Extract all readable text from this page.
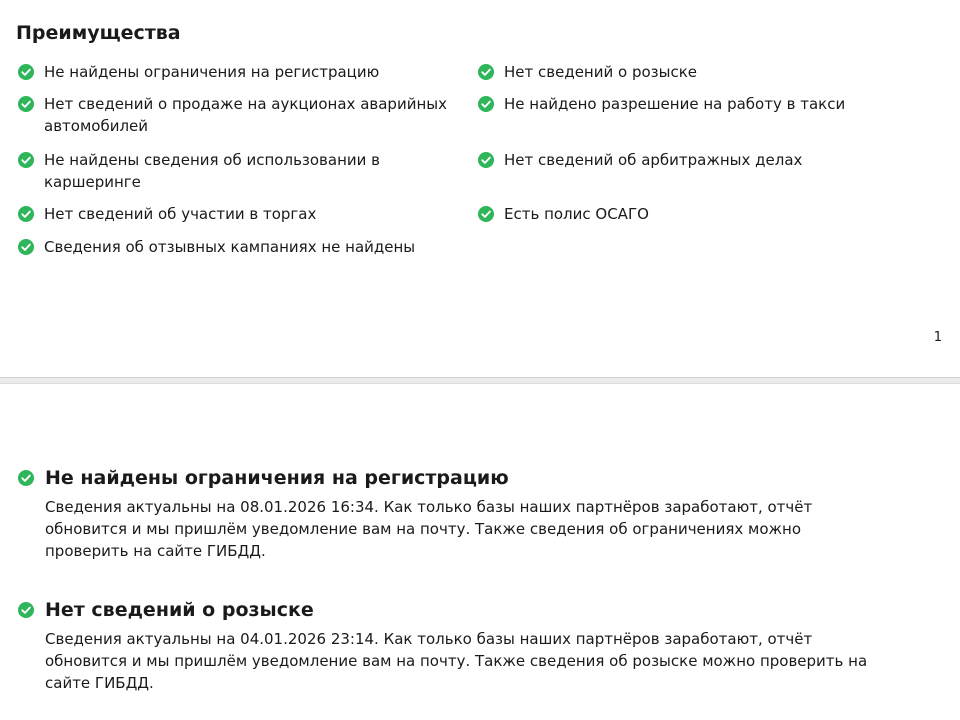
Преимущества
Не найдены ограничения на регистрацию
Нет сведений о продаже на аукционах аварийных автомобилей
Не найдены сведения об использовании в каршеринге
Нет сведений об участии в торгах
Сведения об отзывных кампаниях не найдены
Нет сведений о розыске
Не найдено разрешение на работу в такси
Нет сведений об арбитражных делах
Есть полис ОСАГО
1
Не найдены ограничения на регистрацию

Сведения актуальны на 08.01.2026 16:34. Как только базы наших партнёров заработают, отчёт обновится и мы пришлём уведомление вам на почту. Также сведения об ограничениях можно проверить на сайте ГИБДД.

Нет сведений о розыске

Сведения актуальны на 04.01.2026 23:14. Как только базы наших партнёров заработают, отчёт обновится и мы пришлём уведомление вам на почту. Также сведения об розыске можно проверить на сайте ГИБДД.
